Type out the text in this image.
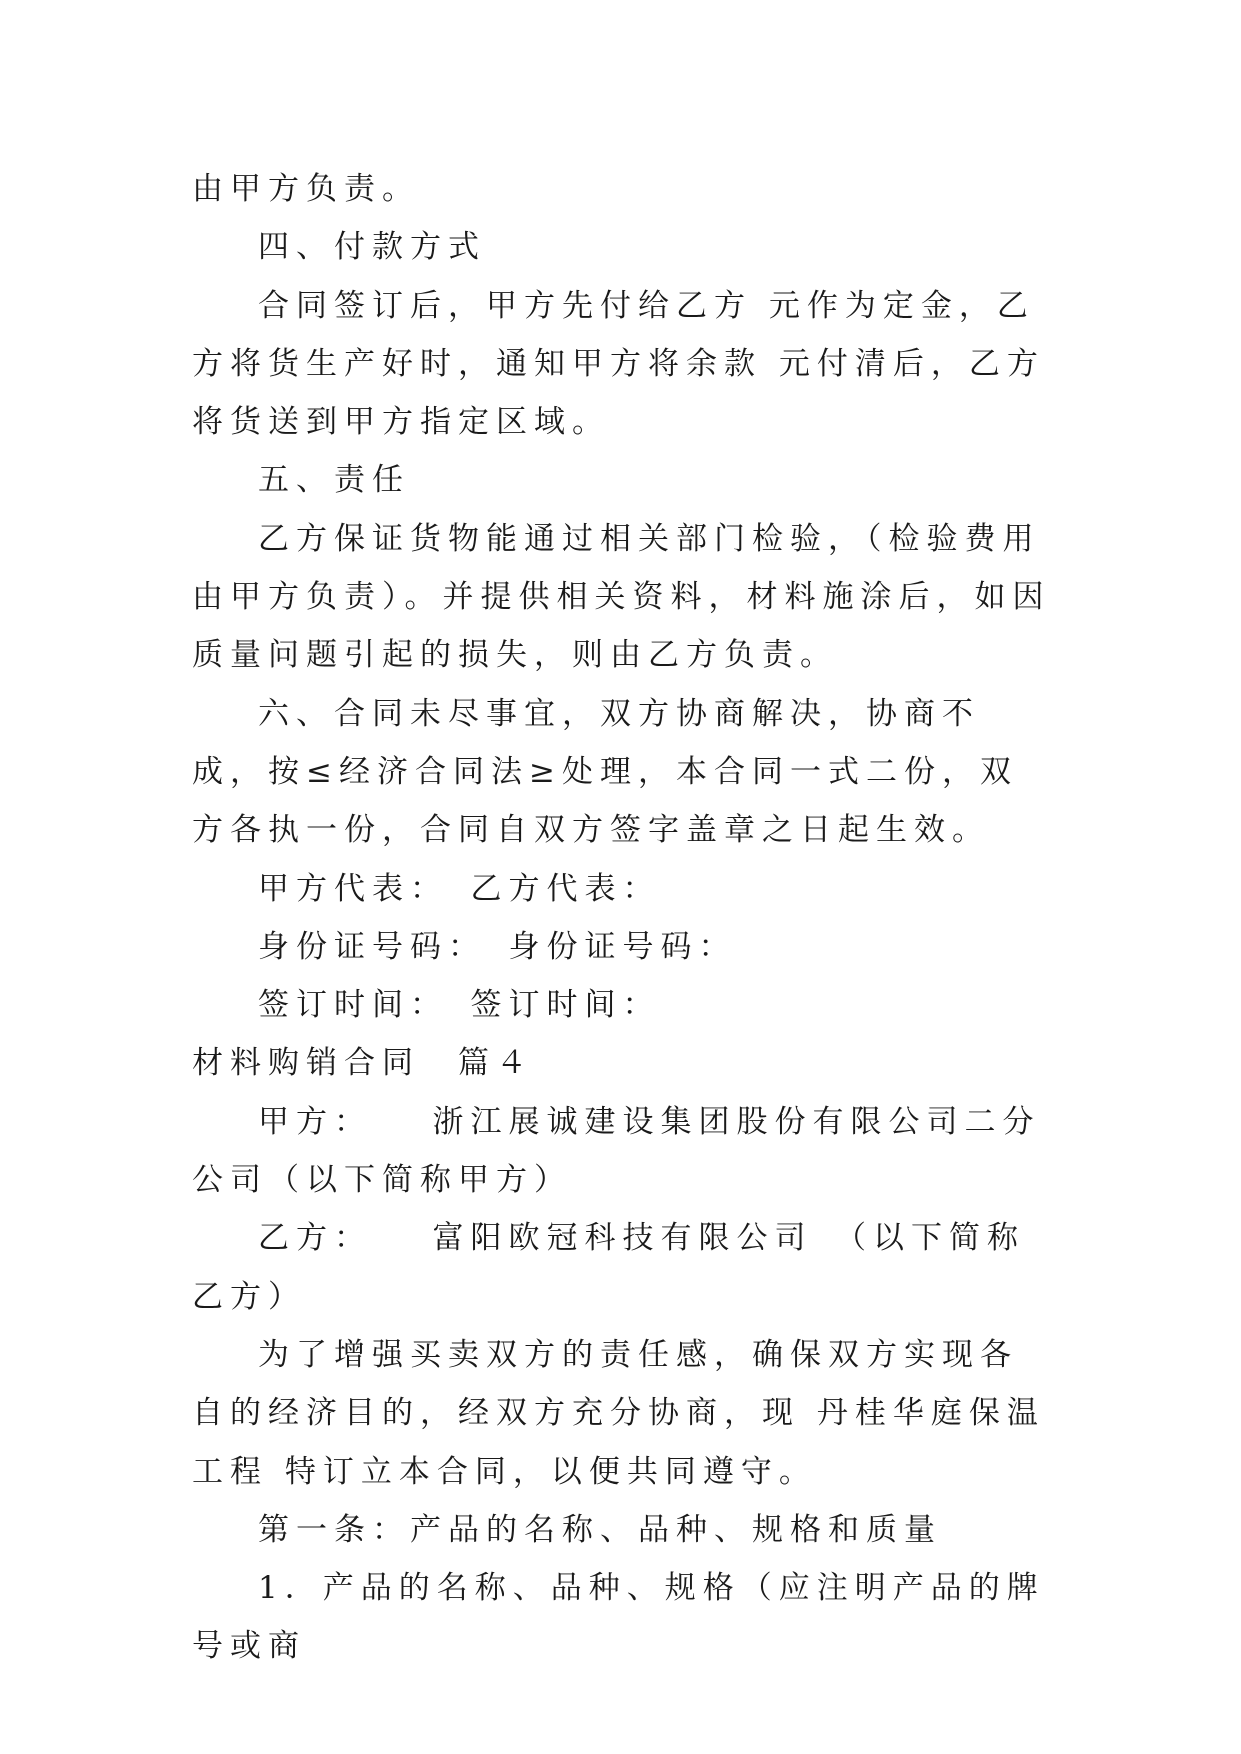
由甲方负责。

四、付款方式

合同签订后，甲方先付给乙方 元作为定金，乙方将货生产好时，通知甲方将余款 元付清后，乙方将货送到甲方指定区域。

五、责任

乙方保证货物能通过相关部门检验，（检验费用由甲方负责）。并提供相关资料，材料施涂后，如因质量问题引起的损失，则由乙方负责。

六、合同未尽事宜，双方协商解决，协商不成，按≤经济合同法≥处理，本合同一式二份，双方各执一份，合同自双方签字盖章之日起生效。

甲方代表：　乙方代表：

身份证号码：　身份证号码：

签订时间：　签订时间：

材料购销合同　篇４

甲方：　　浙江展诚建设集团股份有限公司二分公司（以下简称甲方）

乙方：　　富阳欧冠科技有限公司　（以下简称乙方）

为了增强买卖双方的责任感，确保双方实现各自的经济目的，经双方充分协商，现 丹桂华庭保温工程 特订立本合同，以便共同遵守。

第一条：产品的名称、品种、规格和质量

1．产品的名称、品种、规格（应注明产品的牌号或商
